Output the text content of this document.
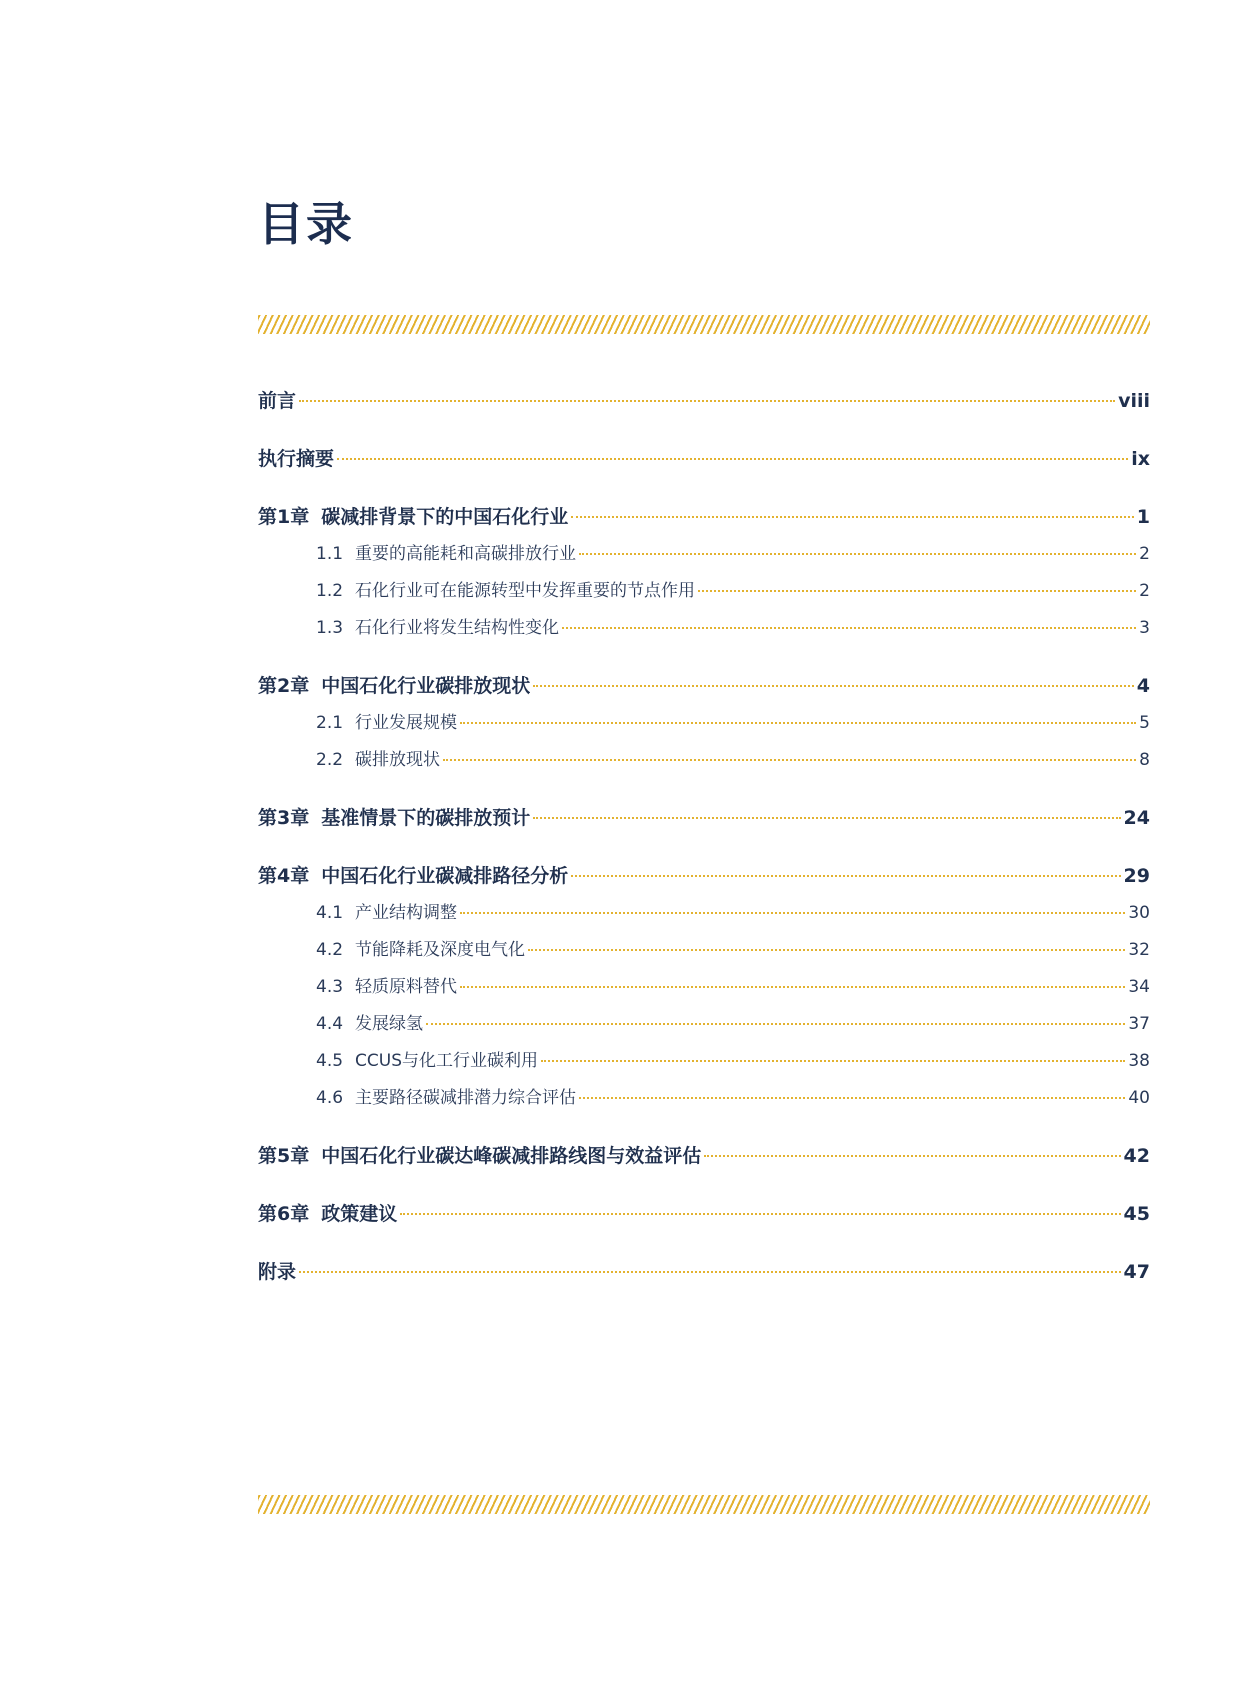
目录
前言	viii
执行摘要	ix
第1章 碳减排背景下的中国石化行业	1
1.1 重要的高能耗和高碳排放行业	2
1.2 石化行业可在能源转型中发挥重要的节点作用	2
1.3 石化行业将发生结构性变化	3
第2章 中国石化行业碳排放现状	4
2.1 行业发展规模	5
2.2 碳排放现状	8
第3章 基准情景下的碳排放预计	24
第4章 中国石化行业碳减排路径分析	29
4.1 产业结构调整	30
4.2 节能降耗及深度电气化	32
4.3 轻质原料替代	34
4.4 发展绿氢	37
4.5 CCUS与化工行业碳利用	38
4.6 主要路径碳减排潜力综合评估	40
第5章 中国石化行业碳达峰碳减排路线图与效益评估	42
第6章 政策建议	45
附录	47
